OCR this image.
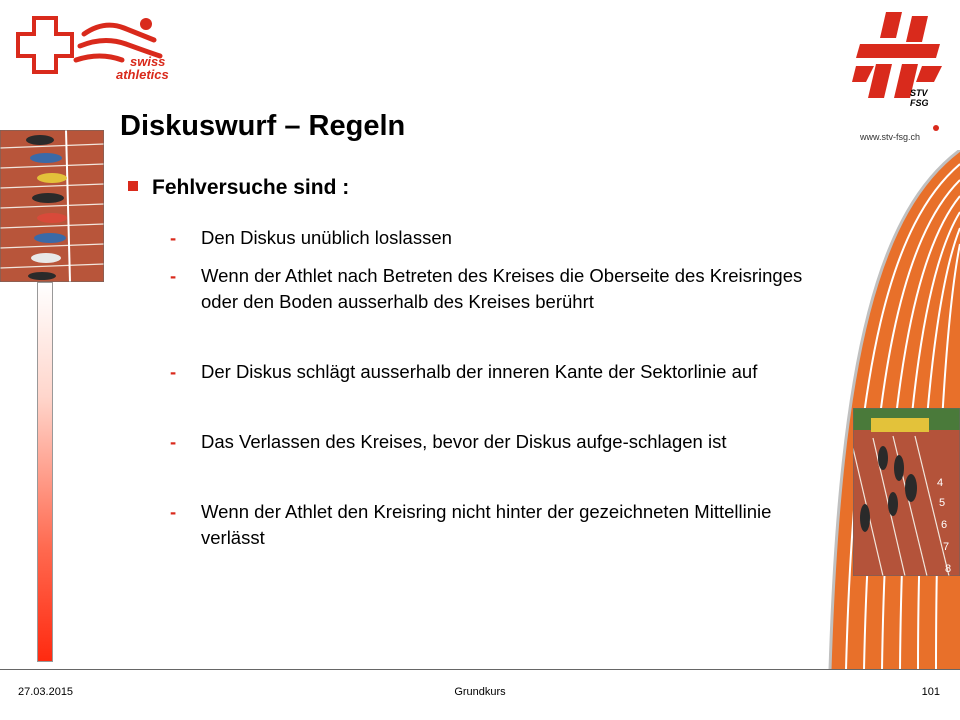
swiss
athletics
STV
FSG
www.stv-fsg.ch
4
5
6
7
8
Diskuswurf – Regeln
Fehlversuche sind :
- Den Diskus unüblich loslassen
- Wenn der Athlet nach Betreten des Kreises die Oberseite des Kreisringes oder den Boden ausserhalb des Kreises berührt
- Der Diskus schlägt ausserhalb der inneren Kante der Sektorlinie auf
- Das Verlassen des Kreises, bevor der Diskus aufge-schlagen ist
- Wenn der Athlet den Kreisring nicht hinter der gezeichneten Mittellinie verlässt
27.03.2015	Grundkurs	101
